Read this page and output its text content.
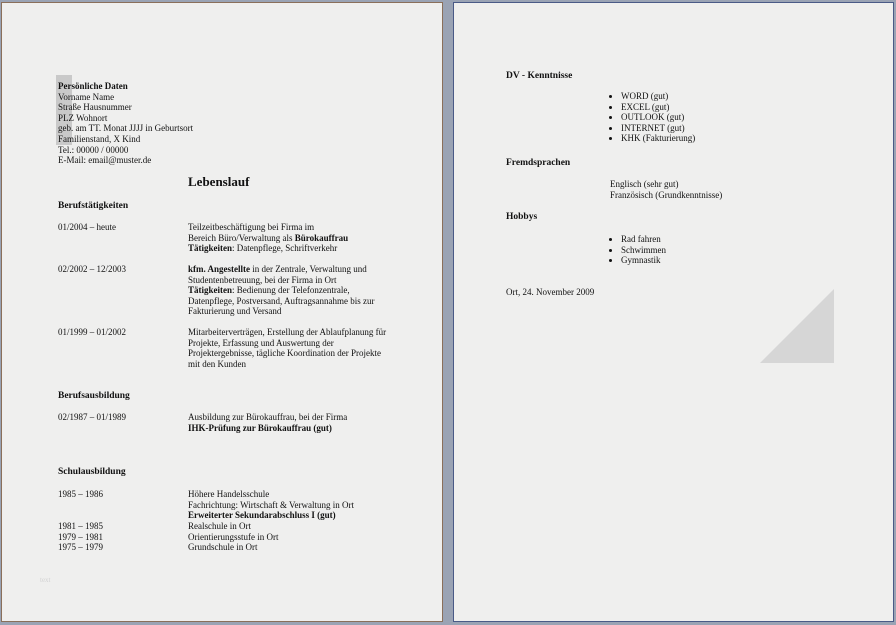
Persönliche Daten
Vorname Name
Straße Hausnummer
PLZ Wohnort
geb. am TT. Monat JJJJ in Geburtsort
Familienstand, X Kind
Tel.: 00000 / 00000
E-Mail: email@muster.de
Lebenslauf
Berufstätigkeiten
01/2004 – heute	Teilzeitbeschäftigung bei Firma im
Bereich Büro/Verwaltung als Bürokauffrau
Tätigkeiten: Datenpflege, Schriftverkehr
02/2002 – 12/2003	kfm. Angestellte in der Zentrale, Verwaltung und
Studentenbetreuung, bei der Firma in Ort
Tätigkeiten: Bedienung der Telefonzentrale,
Datenpflege, Postversand, Auftragsannahme bis zur
Fakturierung und Versand
01/1999 – 01/2002	Mitarbeiterverträgen, Erstellung der Ablaufplanung für
Projekte, Erfassung und Auswertung der
Projektergebnisse, tägliche Koordination der Projekte
mit den Kunden
Berufsausbildung
02/1987 – 01/1989	Ausbildung zur Bürokauffrau, bei der Firma
IHK-Prüfung zur Bürokauffrau (gut)
Schulausbildung
1985 – 1986	Höhere Handelsschule
Fachrichtung: Wirtschaft & Verwaltung in Ort
Erweiterter Sekundarabschluss I (gut)
1981 – 1985	Realschule in Ort
1979 – 1981	Orientierungsstufe in Ort
1975 – 1979	Grundschule in Ort
text
DV - Kenntnisse
WORD (gut)
EXCEL (gut)
OUTLOOK (gut)
INTERNET (gut)
KHK (Fakturierung)
Fremdsprachen
Englisch (sehr gut)
Französisch (Grundkenntnisse)
Hobbys
Rad fahren
Schwimmen
Gymnastik
Ort, 24. November 2009
